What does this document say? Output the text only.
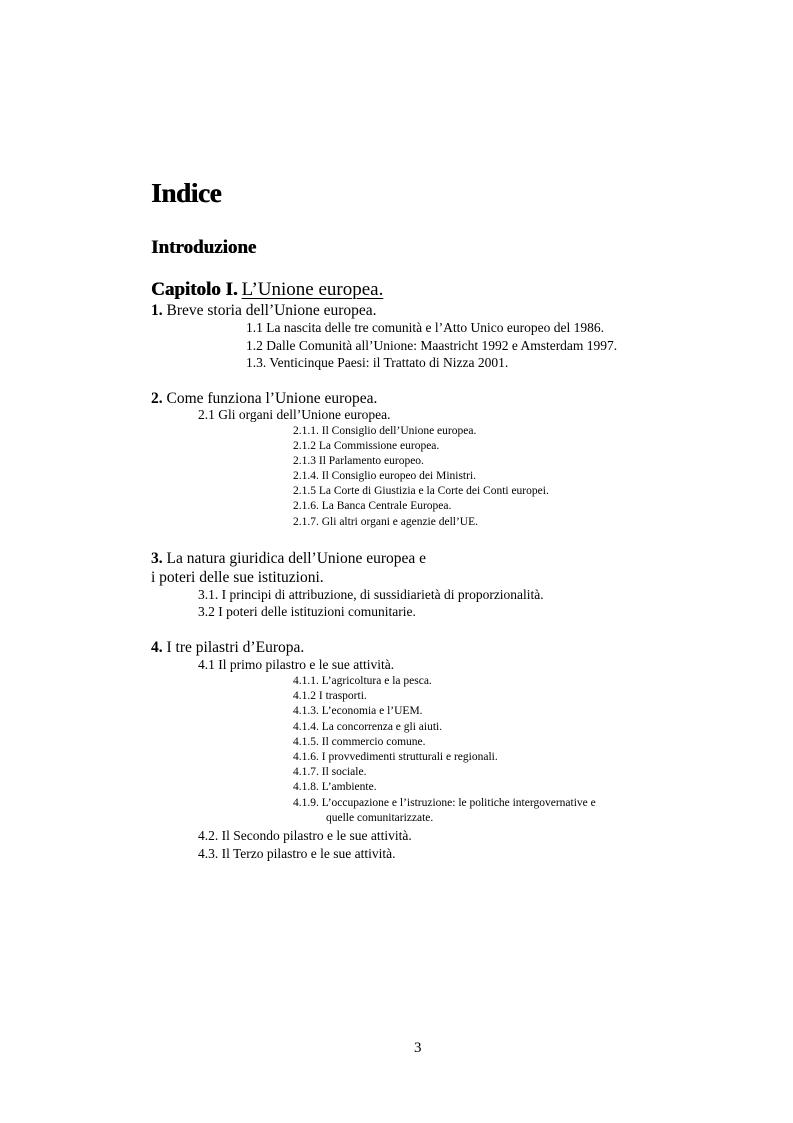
Indice
Introduzione
Capitolo I. L’Unione europea.
1. Breve storia dell’Unione europea.
1.1 La nascita delle tre comunità e l’Atto Unico europeo del 1986.
1.2 Dalle Comunità all’Unione: Maastricht 1992 e Amsterdam 1997.
1.3. Venticinque Paesi: il Trattato di Nizza 2001.
2. Come funziona l’Unione europea.
2.1 Gli organi dell’Unione europea.
2.1.1. Il Consiglio dell’Unione europea.
2.1.2 La Commissione europea.
2.1.3 Il Parlamento europeo.
2.1.4. Il Consiglio europeo dei Ministri.
2.1.5 La Corte di Giustizia e la Corte dei Conti europei.
2.1.6. La Banca Centrale Europea.
2.1.7. Gli altri organi e agenzie dell’UE.
3. La natura giuridica dell’Unione europea e
i poteri delle sue istituzioni.
3.1. I principi di attribuzione, di sussidiarietà di proporzionalità.
3.2 I poteri delle istituzioni comunitarie.
4. I tre pilastri d’Europa.
4.1 Il primo pilastro e le sue attività.
4.1.1. L’agricoltura e la pesca.
4.1.2 I trasporti.
4.1.3. L’economia e l’UEM.
4.1.4. La concorrenza e gli aiuti.
4.1.5. Il commercio comune.
4.1.6. I provvedimenti strutturali e regionali.
4.1.7. Il sociale.
4.1.8. L’ambiente.
4.1.9. L’occupazione e l’istruzione: le politiche intergovernative e
quelle comunitarizzate.
4.2. Il Secondo pilastro e le sue attività.
4.3. Il Terzo pilastro e le sue attività.
3
